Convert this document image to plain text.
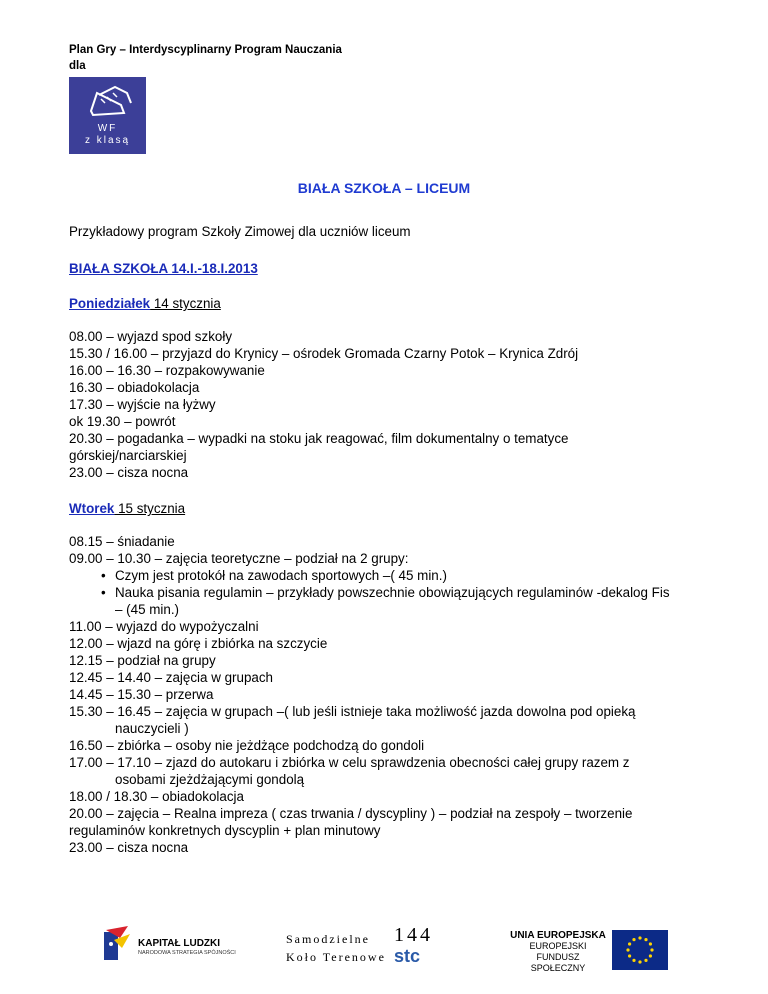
Plan Gry – Interdyscyplinarny Program Nauczania
dla
WF
z klasą
BIAŁA SZKOŁA – LICEUM
Przykładowy program Szkoły Zimowej dla uczniów liceum
BIAŁA SZKOŁA 14.I.-18.I.2013
Poniedziałek 14 stycznia
08.00 – wyjazd spod szkoły
15.30 / 16.00 – przyjazd do Krynicy – ośrodek Gromada Czarny Potok – Krynica Zdrój
16.00 – 16.30 – rozpakowywanie
16.30 – obiadokolacja
17.30 – wyjście na łyżwy
ok 19.30 – powrót
20.30 – pogadanka – wypadki na stoku jak reagować, film dokumentalny o tematyce
górskiej/narciarskiej
23.00 – cisza nocna
Wtorek 15 stycznia
08.15 – śniadanie
09.00 – 10.30 – zajęcia teoretyczne – podział na 2 grupy:
• Czym jest protokół na zawodach sportowych –( 45 min.)
• Nauka pisania regulamin – przykłady powszechnie obowiązujących regulaminów -dekalog Fis
– (45 min.)
11.00 – wyjazd do wypożyczalni
12.00 – wjazd na górę i zbiórka na szczycie
12.15 – podział na grupy
12.45 – 14.40 – zajęcia w grupach
14.45 – 15.30 – przerwa
15.30 – 16.45 – zajęcia w grupach –( lub jeśli istnieje taka możliwość jazda dowolna pod opieką
nauczycieli )
16.50 – zbiórka – osoby nie jeżdżące podchodzą do gondoli
17.00 – 17.10 – zjazd do autokaru i zbiórka w celu sprawdzenia obecności całej grupy razem z
osobami zjeżdżającymi gondolą
18.00 / 18.30 – obiadokolacja
20.00 – zajęcia – Realna impreza ( czas trwania / dyscypliny ) – podział na zespoły – tworzenie
regulaminów konkretnych dyscyplin + plan minutowy
23.00 – cisza nocna
KAPITAŁ LUDZKI
NARODOWA STRATEGIA SPÓJNOŚCI
Samodzielne
Koło Terenowe
144
stc
UNIA EUROPEJSKA
EUROPEJSKI
FUNDUSZ SPOŁECZNY
